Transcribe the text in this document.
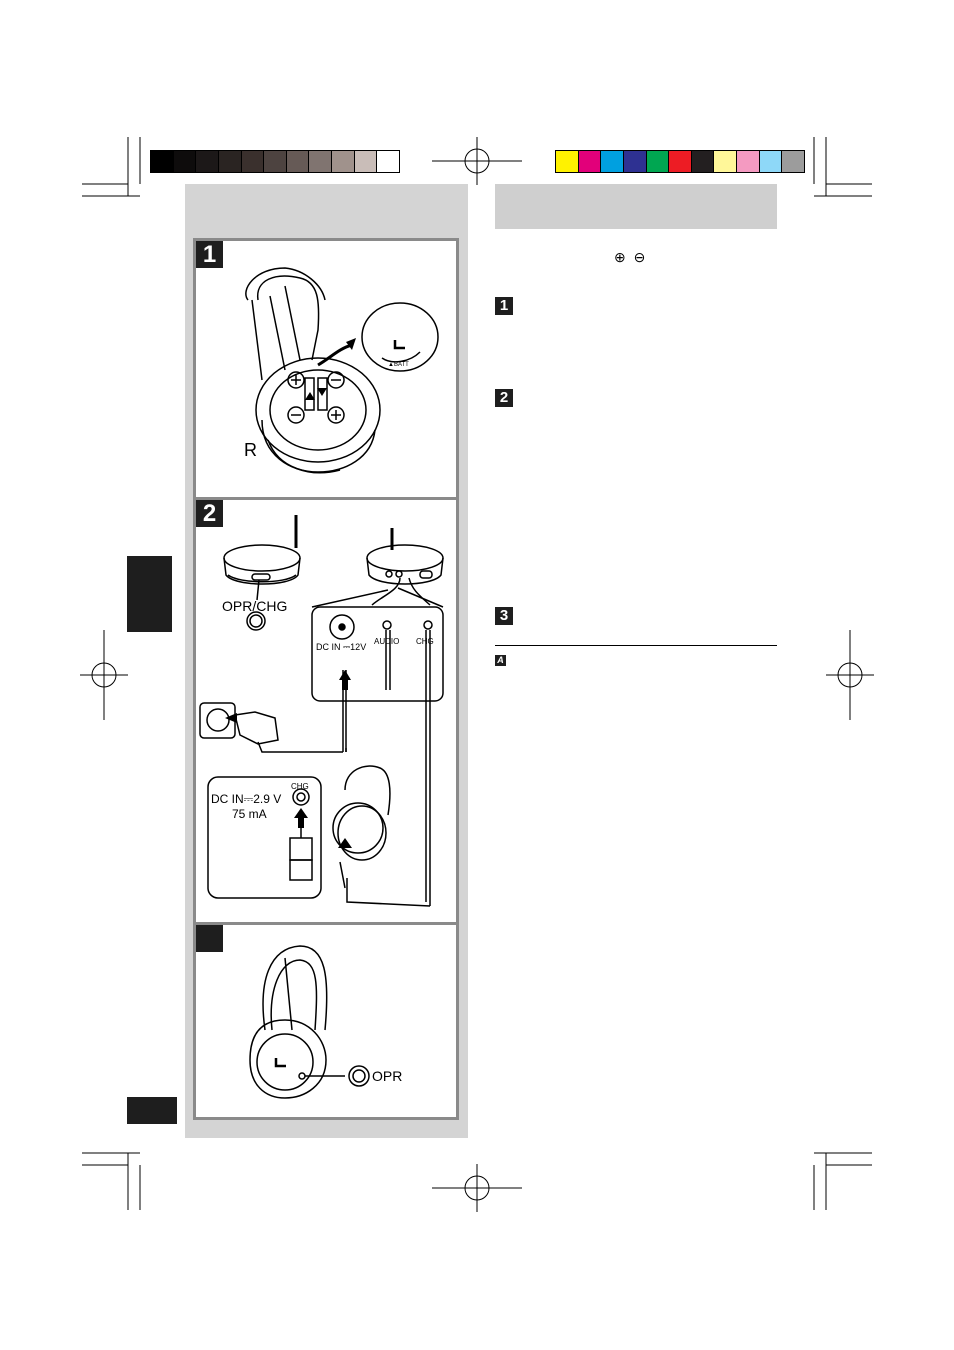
1
2
▲BATT
R
OPR/CHG
DC IN ⎓12V
AUDIO CHG
DC IN⎓2.9 V
75 mA
CHG
OPR
⊕ ⊖
1
2
3
A
